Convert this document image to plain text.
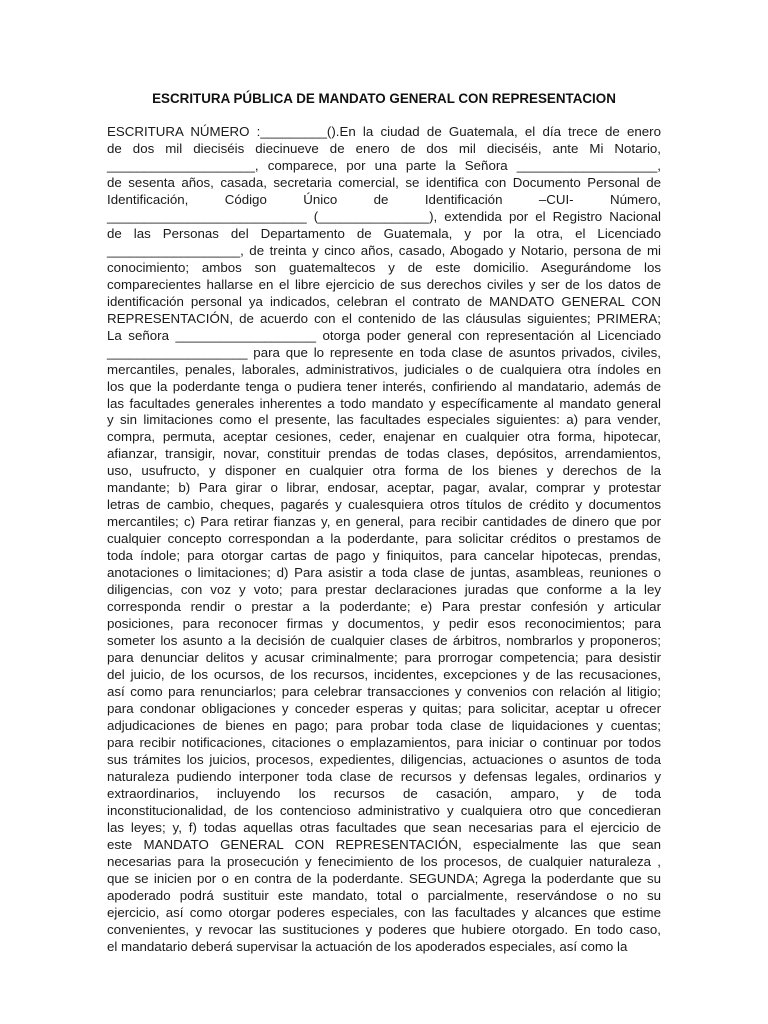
ESCRITURA PÚBLICA DE MANDATO GENERAL CON REPRESENTACION
ESCRITURA NÚMERO :_________().En la ciudad de Guatemala, el día trece de enero
de dos mil dieciséis diecinueve de enero de dos mil dieciséis, ante Mi Notario,
____________________, comparece, por una parte la Señora ___________________,
de sesenta años, casada, secretaria comercial, se identifica con Documento Personal de
Identificación, Código Único de Identificación –CUI- Número,
___________________________ (_______________), extendida por el Registro Nacional
de las Personas del Departamento de Guatemala, y por la otra, el Licenciado
__________________, de treinta y cinco años, casado, Abogado y Notario, persona de mi
conocimiento; ambos son guatemaltecos y de este domicilio. Asegurándome los
comparecientes hallarse en el libre ejercicio de sus derechos civiles y ser de los datos de
identificación personal ya indicados, celebran el contrato de MANDATO GENERAL CON
REPRESENTACIÓN, de acuerdo con el contenido de las cláusulas siguientes; PRIMERA;
La señora ___________________ otorga poder general con representación al Licenciado
___________________ para que lo represente en toda clase de asuntos privados, civiles,
mercantiles, penales, laborales, administrativos, judiciales o de cualquiera otra índoles en
los que la poderdante tenga o pudiera tener interés, confiriendo al mandatario, además de
las facultades generales inherentes a todo mandato y específicamente al mandato general
y sin limitaciones como el presente, las facultades especiales siguientes: a) para vender,
compra, permuta, aceptar cesiones, ceder, enajenar en cualquier otra forma, hipotecar,
afianzar, transigir, novar, constituir prendas de todas clases, depósitos, arrendamientos,
uso, usufructo, y disponer en cualquier otra forma de los bienes y derechos de la
mandante; b) Para girar o librar, endosar, aceptar, pagar, avalar, comprar y protestar
letras de cambio, cheques, pagarés y cualesquiera otros títulos de crédito y documentos
mercantiles; c) Para retirar fianzas y, en general, para recibir cantidades de dinero que por
cualquier concepto correspondan a la poderdante, para solicitar créditos o prestamos de
toda índole; para otorgar cartas de pago y finiquitos, para cancelar hipotecas, prendas,
anotaciones o limitaciones; d) Para asistir a toda clase de juntas, asambleas, reuniones o
diligencias, con voz y voto; para prestar declaraciones juradas que conforme a la ley
corresponda rendir o prestar a la poderdante; e) Para prestar confesión y articular
posiciones, para reconocer firmas y documentos, y pedir esos reconocimientos; para
someter los asunto a la decisión de cualquier clases de árbitros, nombrarlos y proponeros;
para denunciar delitos y acusar criminalmente; para prorrogar competencia; para desistir
del juicio, de los ocursos, de los recursos, incidentes, excepciones y de las recusaciones,
así como para renunciarlos; para celebrar transacciones y convenios con relación al litigio;
para condonar obligaciones y conceder esperas y quitas; para solicitar, aceptar u ofrecer
adjudicaciones de bienes en pago; para probar toda clase de liquidaciones y cuentas;
para recibir notificaciones, citaciones o emplazamientos, para iniciar o continuar por todos
sus trámites los juicios, procesos, expedientes, diligencias, actuaciones o asuntos de toda
naturaleza pudiendo interponer toda clase de recursos y defensas legales, ordinarios y
extraordinarios, incluyendo los recursos de casación, amparo, y de toda
inconstitucionalidad, de los contencioso administrativo y cualquiera otro que concedieran
las leyes; y, f) todas aquellas otras facultades que sean necesarias para el ejercicio de
este MANDATO GENERAL CON REPRESENTACIÓN, especialmente las que sean
necesarias para la prosecución y fenecimiento de los procesos, de cualquier naturaleza ,
que se inicien por o en contra de la poderdante. SEGUNDA; Agrega la poderdante que su
apoderado podrá sustituir este mandato, total o parcialmente, reservándose o no su
ejercicio, así como otorgar poderes especiales, con las facultades y alcances que estime
convenientes, y revocar las sustituciones y poderes que hubiere otorgado. En todo caso,
el mandatario deberá supervisar la actuación de los apoderados especiales, así como la
